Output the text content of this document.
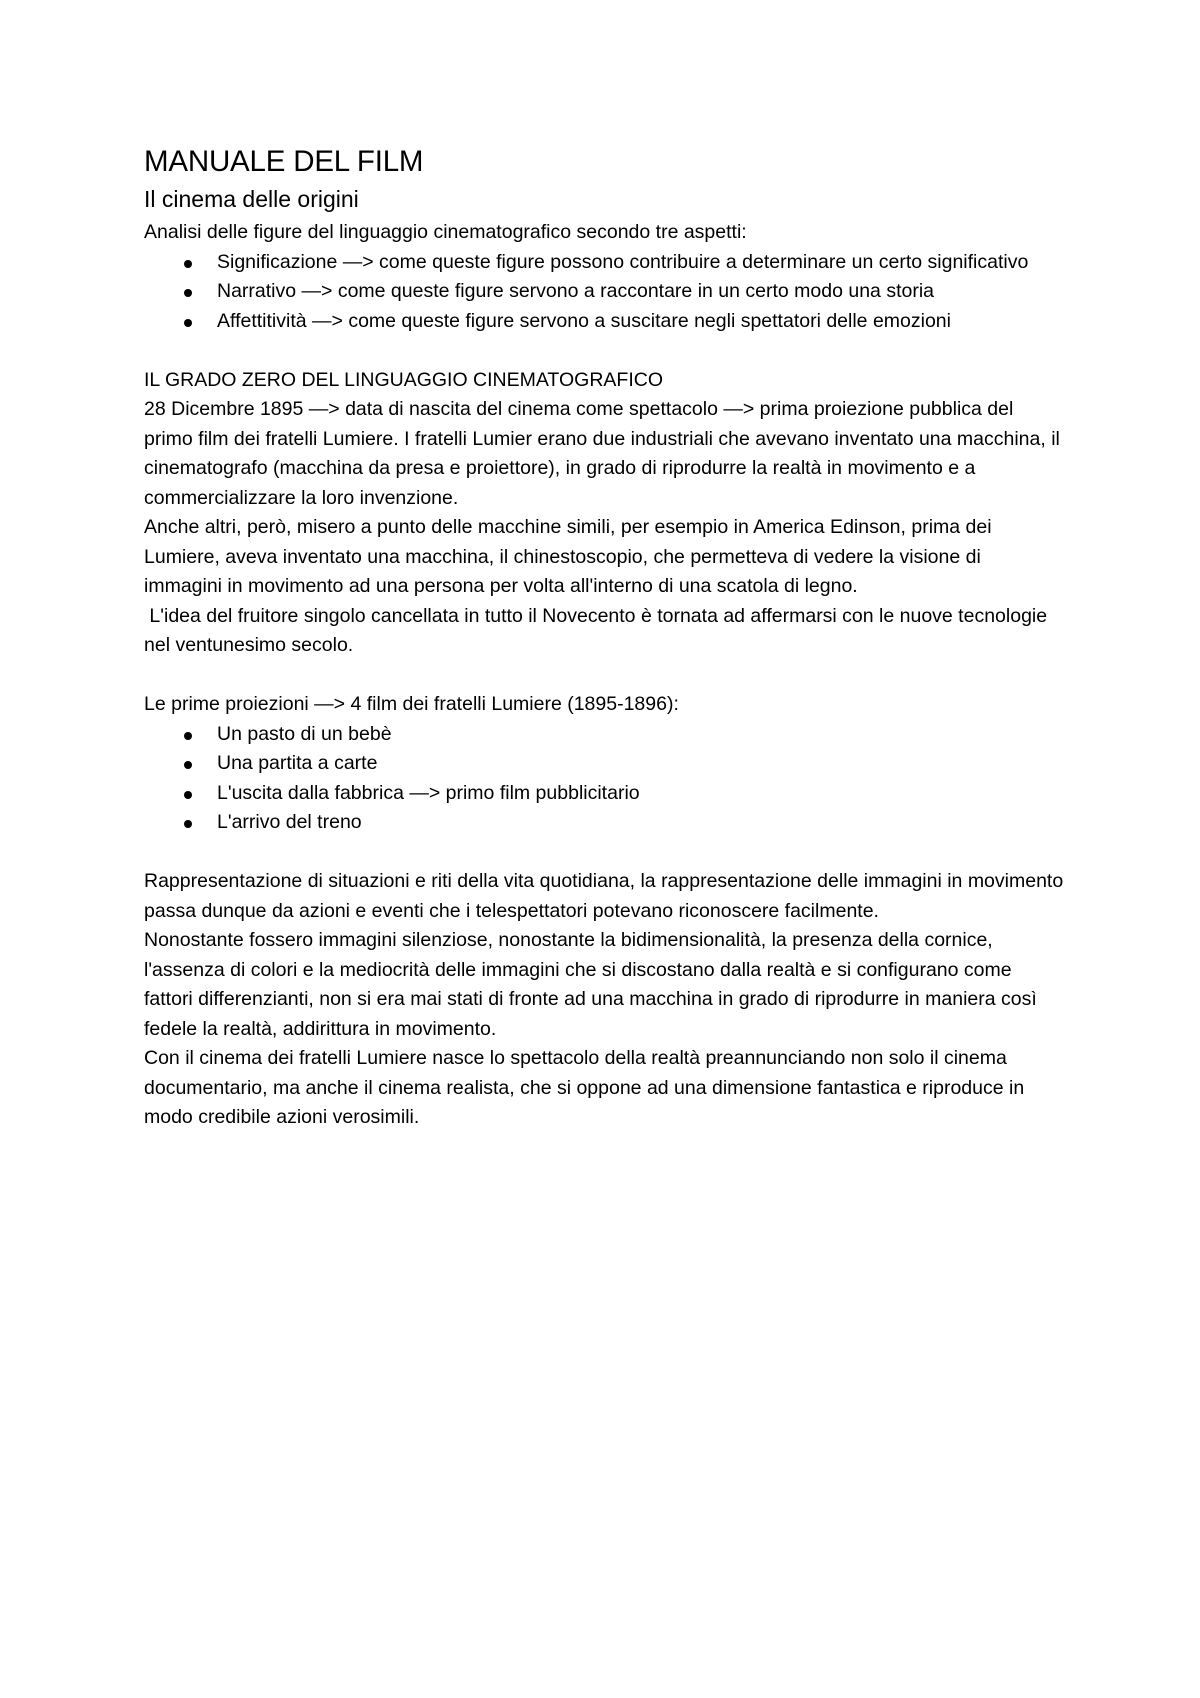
MANUALE DEL FILM
Il cinema delle origini

Analisi delle figure del linguaggio cinematografico secondo tre aspetti:

Significazione —> come queste figure possono contribuire a determinare un certo significativo
Narrativo —> come queste figure servono a raccontare in un certo modo una storia
Affettitività —> come queste figure servono a suscitare negli spettatori delle emozioni

IL GRADO ZERO DEL LINGUAGGIO CINEMATOGRAFICO

28 Dicembre 1895 —> data di nascita del cinema come spettacolo —> prima proiezione pubblica del primo film dei fratelli Lumiere. I fratelli Lumier erano due industriali che avevano inventato una macchina, il cinematografo (macchina da presa e proiettore), in grado di riprodurre la realtà in movimento e a commercializzare la loro invenzione.

Anche altri, però, misero a punto delle macchine simili, per esempio in America Edinson, prima dei Lumiere, aveva inventato una macchina, il chinestoscopio, che permetteva di vedere la visione di immagini in movimento ad una persona per volta all'interno di una scatola di legno.

L'idea del fruitore singolo cancellata in tutto il Novecento è tornata ad affermarsi con le nuove tecnologie nel ventunesimo secolo.

Le prime proiezioni —> 4 film dei fratelli Lumiere (1895-1896):

Un pasto di un bebè
Una partita a carte
L'uscita dalla fabbrica —> primo film pubblicitario
L'arrivo del treno

Rappresentazione di situazioni e riti della vita quotidiana, la rappresentazione delle immagini in movimento passa dunque da azioni e eventi che i telespettatori potevano riconoscere facilmente.

Nonostante fossero immagini silenziose, nonostante la bidimensionalità, la presenza della cornice, l'assenza di colori e la mediocrità delle immagini che si discostano dalla realtà e si configurano come fattori differenzianti, non si era mai stati di fronte ad una macchina in grado di riprodurre in maniera così fedele la realtà, addirittura in movimento.

Con il cinema dei fratelli Lumiere nasce lo spettacolo della realtà preannunciando non solo il cinema documentario, ma anche il cinema realista, che si oppone ad una dimensione fantastica e riproduce in modo credibile azioni verosimili.
